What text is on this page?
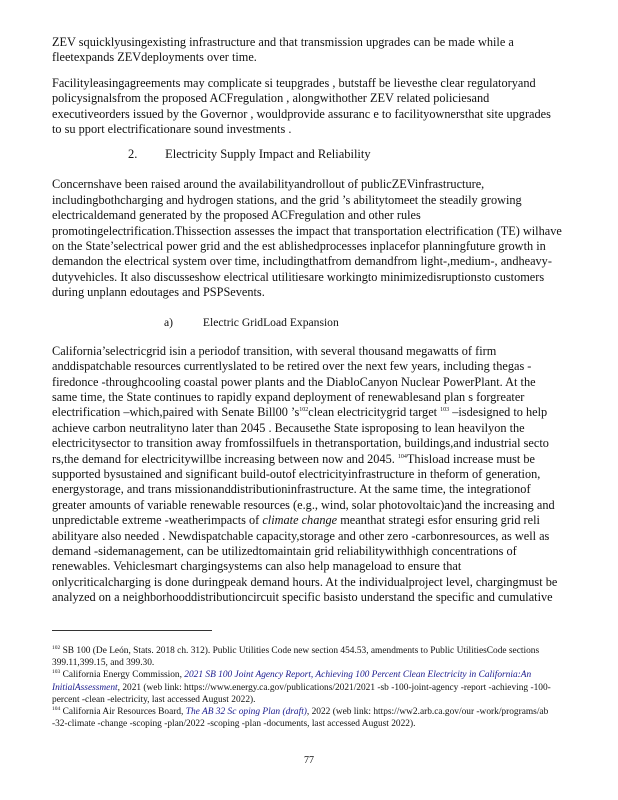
ZEV squicklyusingexisting infrastructure and that transmission upgrades can be made while a fleetexpands ZEVdeployments over time.

Facilityleasingagreements may complicate si teupgrades , butstaff be lievesthe clear regulatoryand policysignalsfrom the proposed ACFregulation , alongwithother ZEV related policiesand executiveorders issued by the Governor , wouldprovide assuranc e to facilityownersthat site upgrades to su pport electrificationare sound investments .

2. Electricity Supply Impact and Reliability

Concernshave been raised around the availabilityandrollout of publicZEVinfrastructure, includingbothcharging and hydrogen stations, and the grid ’s abilitytomeet the steadily growing electricaldemand generated by the proposed ACFregulation and other rules promotingelectrification.Thissection assesses the impact that transportation electrification (TE) wilhave on the State’selectrical power grid and the est ablishedprocesses inplacefor planningfuture growth in demandon the electrical system over time, includingthatfrom demandfrom light-,medium-, andheavy-dutyvehicles. It also discusseshow electrical utilitiesare workingto minimizedisruptionsto customers during unplann edoutages and PSPSevents.

a)	Electric GridLoad Expansion

California’selectricgrid isin a periodof transition, with several thousand megawatts of firm anddispatchable resources currentlyslated to be retired over the next few years, including thegas -firedonce -throughcooling coastal power plants and the DiabloCanyon Nuclear PowerPlant. At the same time, the State continues to rapidly expand deployment of renewablesand plan s forgreater electrification –which,paired with Senate Bill00 $’s^{102}clean$ electricitygrid target $^{103}$ –isdesigned to help achieve carbon neutralityno later than 2045 . Becausethe State isproposing to lean heavilyon the electricitysector to transition away fromfossilfuels in thetransportation, buildings,and industrial secto rs,the demand for electricitywillbe increasing between now and 2045. $^{104}$Thisload increase must be supported bysustained and significant build-outof electricityinfrastructure in theform of generation, energystorage, and trans missionanddistributioninfrastructure. At the same time, the integrationof greater amounts of variable renewable resources (e.g., wind, solar photovoltaic)and the increasing and unpredictable extreme -weatherimpacts of climate change meanthat strategi esfor ensuring grid reli abilityare also needed . Newdispatchable capacity,storage and other zero -carbonresources, as well as demand -sidemanagement, can be utilizedtomaintain grid reliabilitywithhigh concentrations of renewables. Vehiclesmart chargingsystems can also help manageload to ensure that onlycriticalcharging is done duringpeak demand hours. At the individualproject level, chargingmust be analyzed on a neighborhooddistributioncircuit specific basisto understand the specific and cumulative

$^{102}$ SB 100 (De León, Stats. 2018 ch. 312). Public Utilities Code new section 454.53, amendments to Public UtilitiesCode sections 399.11,399.15, and 399.30.
$^{103}$ California Energy Commission, 2021 SB 100 Joint Agency Report, Achieving 100 Percent Clean Electricity in California:An InitialAssessment, 2021 (web link: https://www.energy.ca.gov/publications/2021/2021 -sb -100-joint-agency -report -achieving -100-percent -clean -electricity, last accessed August 2022).
$^{104}$ California Air Resources Board, The AB 32 Sc oping Plan (draft), 2022 (web link: https://ww2.arb.ca.gov/our -work/programs/ab -32-climate -change -scoping -plan/2022 -scoping -plan -documents, last accessed August 2022).
77
